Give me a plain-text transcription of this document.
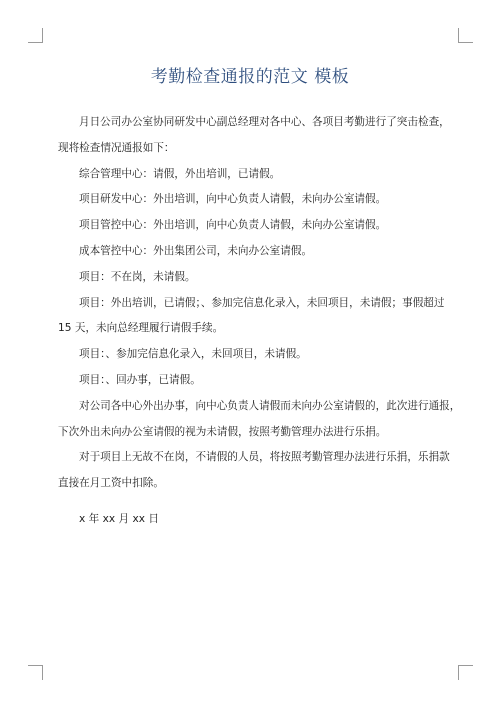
考勤检查通报的范文 模板

月日公司办公室协同研发中心副总经理对各中心、各项目考勤进行了突击检查，

现将检查情况通报如下：

综合管理中心：请假，外出培训，已请假。

项目研发中心：外出培训，向中心负责人请假，未向办公室请假。

项目管控中心：外出培训，向中心负责人请假，未向办公室请假。

成本管控中心：外出集团公司，未向办公室请假。

项目：不在岗，未请假。

项目：外出培训，已请假；、参加完信息化录入，未回项目，未请假；事假超过

15 天，未向总经理履行请假手续。

项目：、参加完信息化录入，未回项目，未请假。

项目：、回办事，已请假。

对公司各中心外出办事，向中心负责人请假而未向办公室请假的，此次进行通报，

下次外出未向办公室请假的视为未请假，按照考勤管理办法进行乐捐。

对于项目上无故不在岗，不请假的人员，将按照考勤管理办法进行乐捐，乐捐款

直接在月工资中扣除。

x 年 xx 月 xx 日
